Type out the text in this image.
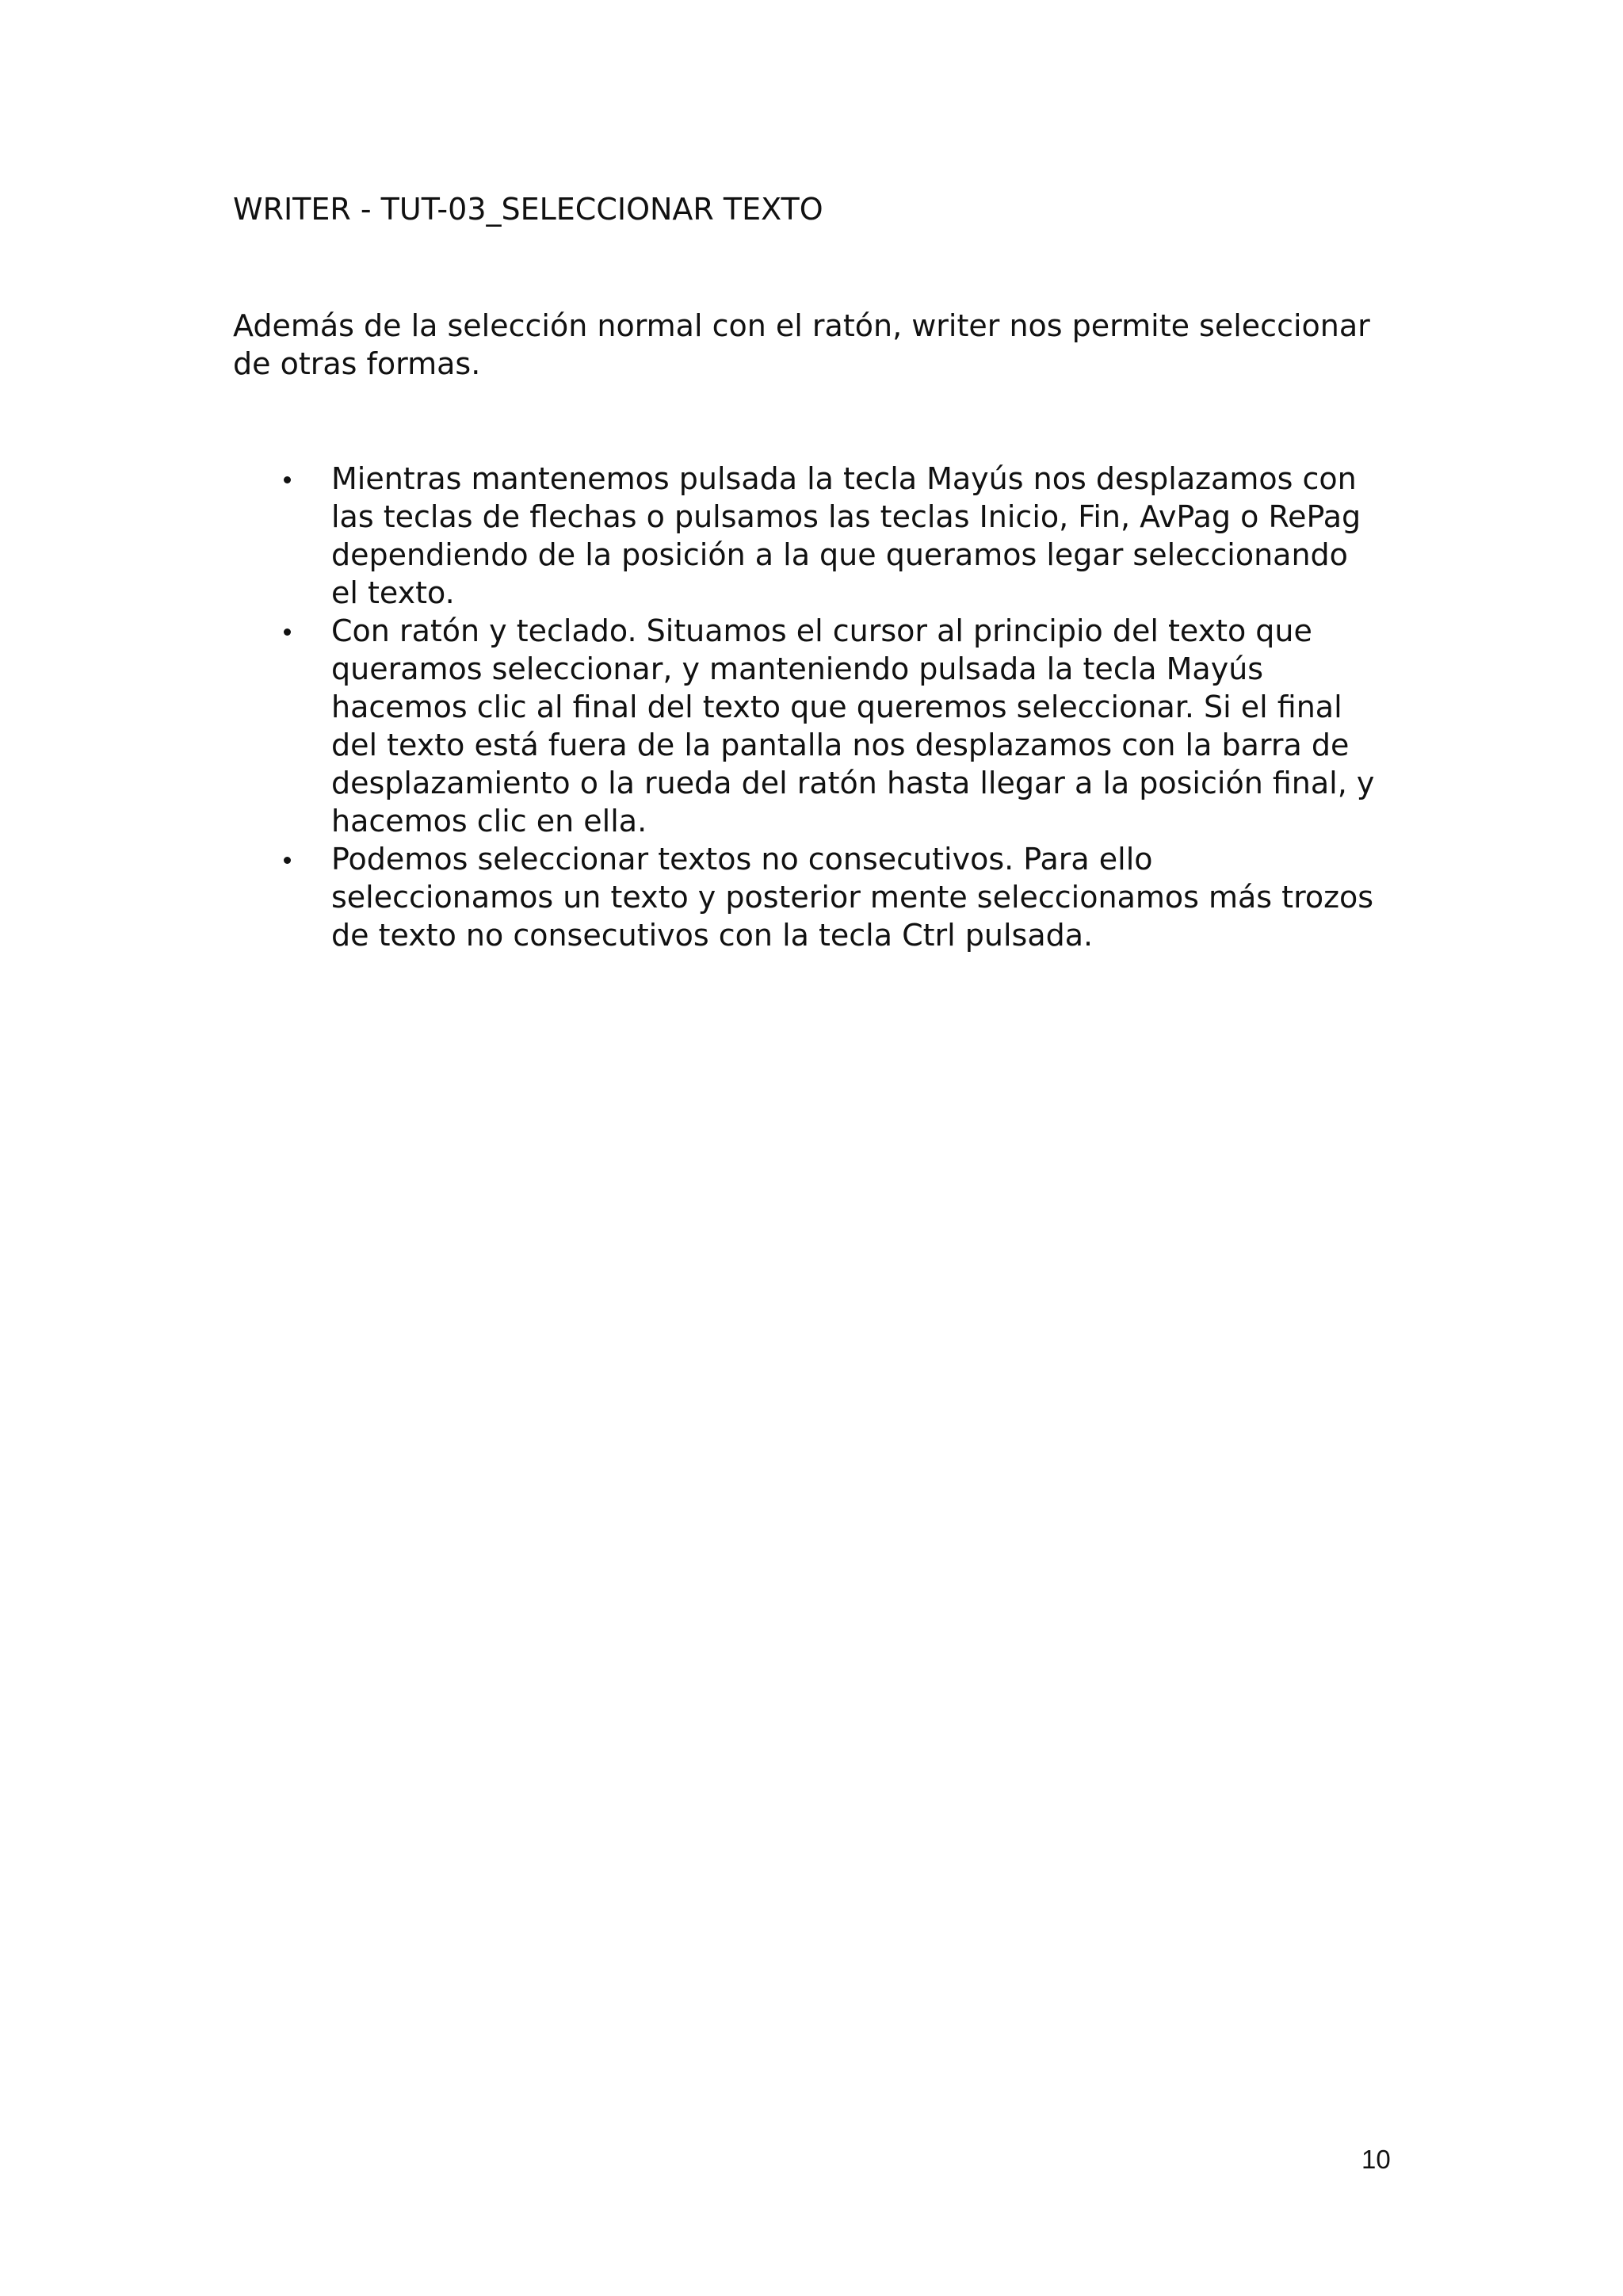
WRITER - TUT-03_SELECCIONAR TEXTO

Además de la selección normal con el ratón, writer nos permite seleccionar de otras formas.

Mientras mantenemos pulsada la tecla Mayús nos desplazamos con las teclas de flechas o pulsamos las teclas Inicio, Fin, AvPag o RePag dependiendo de la posición a la que queramos legar seleccionando el texto.
Con ratón y teclado. Situamos el cursor al principio del texto que queramos seleccionar, y manteniendo pulsada la tecla Mayús hacemos clic al final del texto que queremos seleccionar. Si el final del texto está fuera de la pantalla nos desplazamos con la barra de desplazamiento o la rueda del ratón hasta llegar a la posición final, y hacemos clic en ella.
Podemos seleccionar textos no consecutivos. Para ello seleccionamos un texto y posterior mente seleccionamos más trozos de texto no consecutivos con la tecla Ctrl pulsada.

10
